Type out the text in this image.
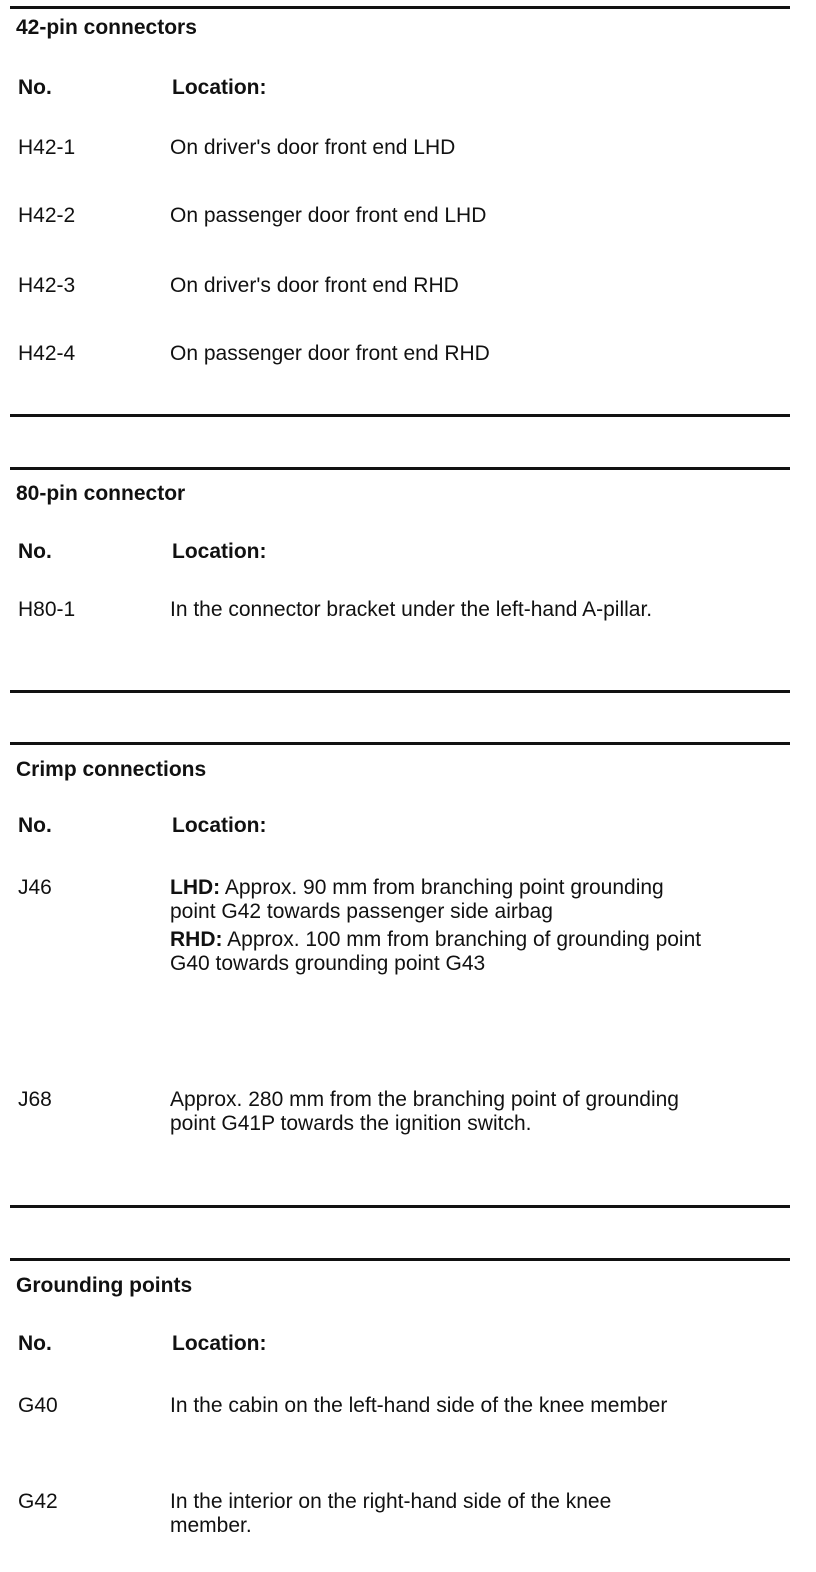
42-pin connectors
No.	Location:
H42-1	On driver's door front end LHD
H42-2	On passenger door front end LHD
H42-3	On driver's door front end RHD
H42-4	On passenger door front end RHD
80-pin connector
No.	Location:
H80-1	In the connector bracket under the left-hand A-pillar.
Crimp connections
No.	Location:
J46	LHD: Approx. 90 mm from branching point grounding point G42 towards passenger side airbag

RHD: Approx. 100 mm from branching of grounding point G40 towards grounding point G43

J68	Approx. 280 mm from the branching point of grounding point G41P towards the ignition switch.
Grounding points
No.	Location:
G40	In the cabin on the left-hand side of the knee member
G42	In the interior on the right-hand side of the knee member.
